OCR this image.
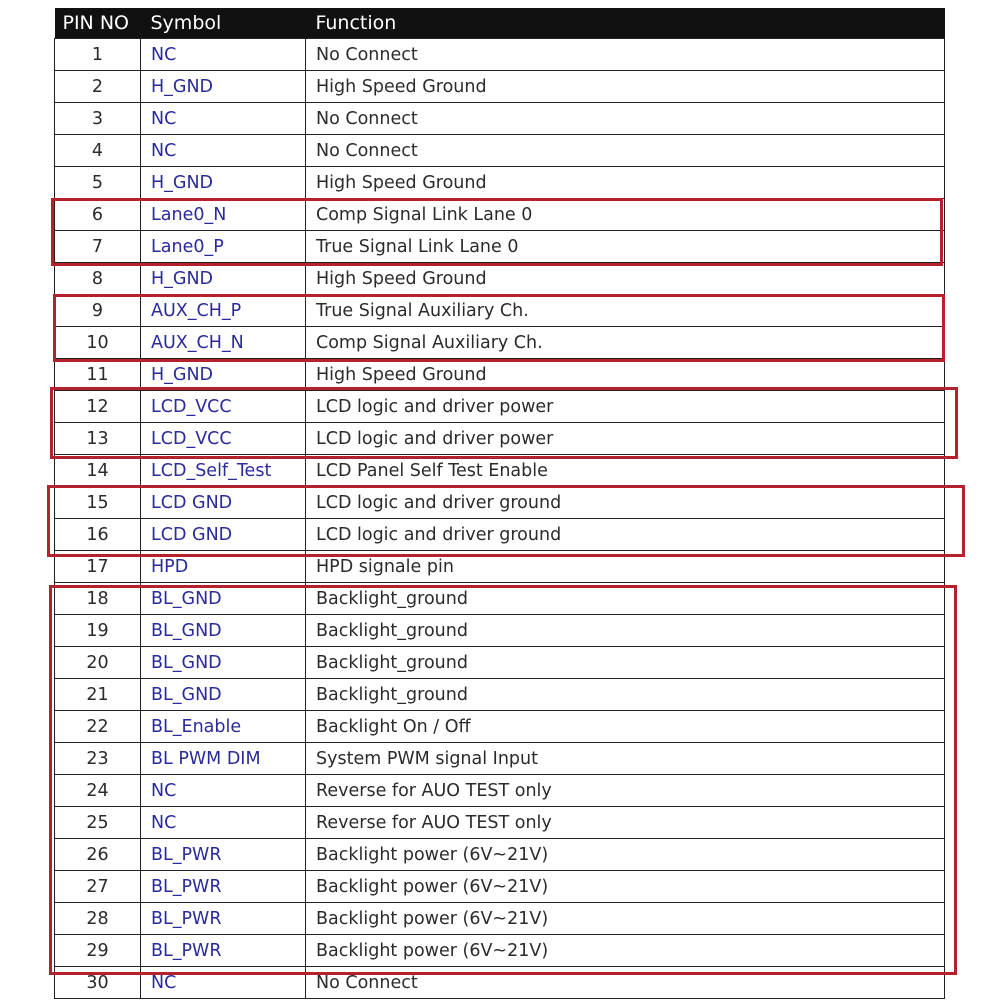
PIN NO	Symbol	Function
1	NC	No Connect
2	H_GND	High Speed Ground
3	NC	No Connect
4	NC	No Connect
5	H_GND	High Speed Ground
6	Lane0_N	Comp Signal Link Lane 0
7	Lane0_P	True Signal Link Lane 0
8	H_GND	High Speed Ground
9	AUX_CH_P	True Signal Auxiliary Ch.
10	AUX_CH_N	Comp Signal Auxiliary Ch.
11	H_GND	High Speed Ground
12	LCD_VCC	LCD logic and driver power
13	LCD_VCC	LCD logic and driver power
14	LCD_Self_Test	LCD Panel Self Test Enable
15	LCD GND	LCD logic and driver ground
16	LCD GND	LCD logic and driver ground
17	HPD	HPD signale pin
18	BL_GND	Backlight_ground
19	BL_GND	Backlight_ground
20	BL_GND	Backlight_ground
21	BL_GND	Backlight_ground
22	BL_Enable	Backlight On / Off
23	BL PWM DIM	System PWM signal Input
24	NC	Reverse for AUO TEST only
25	NC	Reverse for AUO TEST only
26	BL_PWR	Backlight power (6V~21V)
27	BL_PWR	Backlight power (6V~21V)
28	BL_PWR	Backlight power (6V~21V)
29	BL_PWR	Backlight power (6V~21V)
30	NC	No Connect
